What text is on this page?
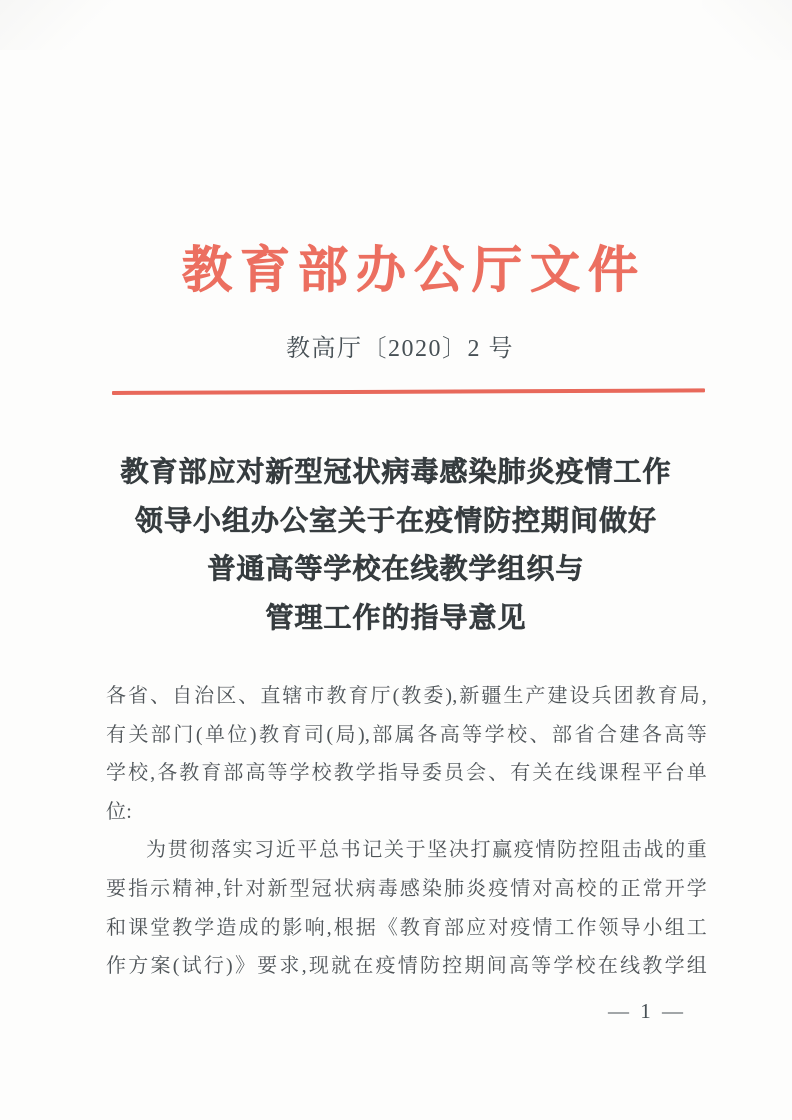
教育部办公厅文件
教高厅〔2020〕2 号
教育部应对新型冠状病毒感染肺炎疫情工作
领导小组办公室关于在疫情防控期间做好
普通高等学校在线教学组织与
管理工作的指导意见
各省、自治区、直辖市教育厅(教委),新疆生产建设兵团教育局,
有关部门(单位)教育司(局),部属各高等学校、部省合建各高等
学校,各教育部高等学校教学指导委员会、有关在线课程平台单
位:
为贯彻落实习近平总书记关于坚决打赢疫情防控阻击战的重
要指示精神,针对新型冠状病毒感染肺炎疫情对高校的正常开学
和课堂教学造成的影响,根据《教育部应对疫情工作领导小组工
作方案(试行)》要求,现就在疫情防控期间高等学校在线教学组
— 1 —
